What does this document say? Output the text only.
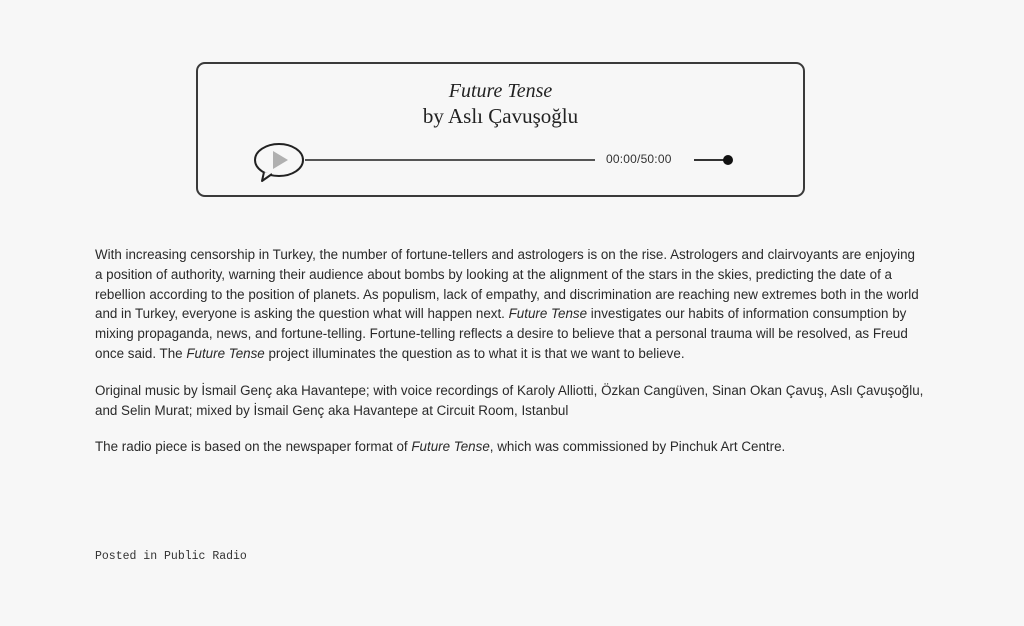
Future Tense
by Aslı Çavuşoğlu
00:00/50:00

With increasing censorship in Turkey, the number of fortune-tellers and astrologers is on the rise. Astrologers and clairvoyants are enjoying a position of authority, warning their audience about bombs by looking at the alignment of the stars in the skies, predicting the date of a rebellion according to the position of planets. As populism, lack of empathy, and discrimination are reaching new extremes both in the world and in Turkey, everyone is asking the question what will happen next. Future Tense investigates our habits of information consumption by mixing propaganda, news, and fortune-telling. Fortune-telling reflects a desire to believe that a personal trauma will be resolved, as Freud once said. The Future Tense project illuminates the question as to what it is that we want to believe.

Original music by İsmail Genç aka Havantepe; with voice recordings of Karoly Alliotti, Özkan Cangüven, Sinan Okan Çavuş, Aslı Çavuşoğlu, and Selin Murat; mixed by İsmail Genç aka Havantepe at Circuit Room, Istanbul

The radio piece is based on the newspaper format of Future Tense, which was commissioned by Pinchuk Art Centre.

Posted in Public Radio
